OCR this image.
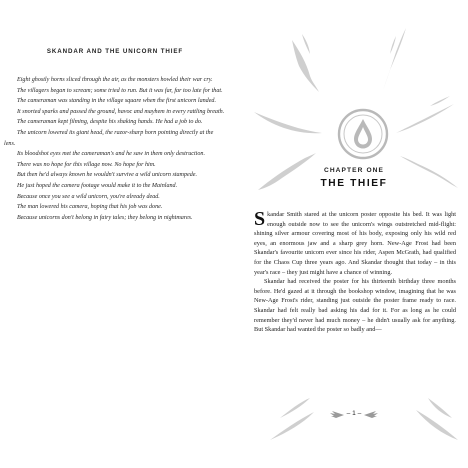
SKANDAR AND THE UNICORN THIEF

Eight ghostly horns sliced through the air, as the monsters howled their war cry.

The villagers began to scream; some tried to run. But it was far, far too late for that.

The cameraman was standing in the village square when the first unicorn landed.

It snorted sparks and passed the ground, havoc and mayhem in every rattling breath.

The cameraman kept filming, despite his shaking hands. He had a job to do.

The unicorn lowered its giant head, the razor-sharp horn pointing directly at the lens.

Its bloodshot eyes met the cameraman's and he saw in them only destruction.

There was no hope for this village now. No hope for him.

But then he'd always known he wouldn't survive a wild unicorn stampede.

He just hoped the camera footage would make it to the Mainland.

Because once you see a wild unicorn, you're already dead.

The man lowered his camera, hoping that his job was done.

Because unicorns don't belong in fairy tales; they belong in nightmares.

CHAPTER ONE
THE THIEF

Skandar Smith stared at the unicorn poster opposite his bed. It was light enough outside now to see the unicorn's wings outstretched mid-flight: shining silver armour covering most of his body, exposing only his wild red eyes, an enormous jaw and a sharp grey horn. New-Age Frost had been Skandar's favourite unicorn ever since his rider, Aspen McGrath, had qualified for the Chaos Cup three years ago. And Skandar thought that today – in this year's race – they just might have a chance of winning.

Skandar had received the poster for his thirteenth birthday three months before. He'd gazed at it through the bookshop window, imagining that he was New-Age Frost's rider, standing just outside the poster frame ready to race. Skandar had felt really bad asking his dad for it. For as long as he could remember they'd never had much money – he didn't usually ask for anything. But Skandar had wanted the poster so badly and—

– 1 –
